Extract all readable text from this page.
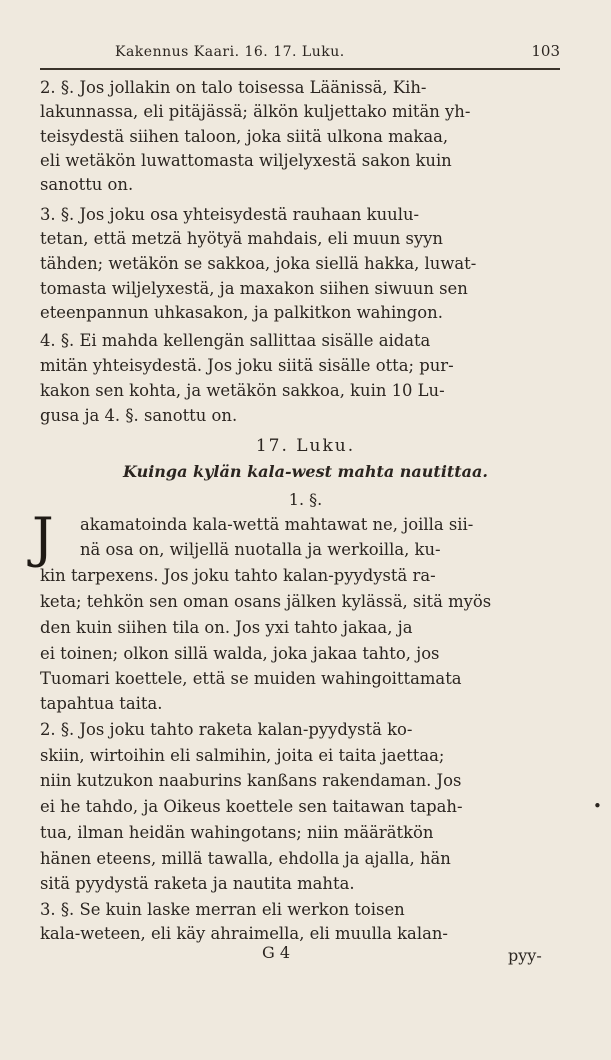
Kakennus Kaari. 16. 17. Luku.	103
2. §. Jos jollakin on talo toisessa Läänissä, Kih-
lakunnassa, eli pitäjässä; älkön kuljettako mitän yh-
teisydestä siihen taloon, joka siitä ulkona makaa,
eli wetäkön luwattomasta wiljelyxestä sakon kuin
sanottu on.
3. §. Jos joku osa yhteisydestä rauhaan kuulu-
tetan, että metzä hyötyä mahdais, eli muun syyn
tähden; wetäkön se sakkoa, joka siellä hakka, luwat-
tomasta wiljelyxestä, ja maxakon siihen siwuun sen
eteenpannun uhkasakon, ja palkitkon wahingon.
4. §. Ei mahda kellengän sallittaa sisälle aidata
mitän yhteisydestä. Jos joku siitä sisälle otta; pur-
kakon sen kohta, ja wetäkön sakkoa, kuin 10 Lu-
gusa ja 4. §. sanottu on.
17. Luku.
Kuinga kylän kala-west mahta nautittaa.
1. §.
J akamatoinda kala-wettä mahtawat ne, joilla sii-
nä osa on, wiljellä nuotalla ja werkoilla, ku-
kin tarpexens. Jos joku tahto kalan-pyydystä ra-
keta; tehkön sen oman osans jälken kylässä, sitä myös
den kuin siihen tila on. Jos yxi tahto jakaa, ja
ei toinen; olkon sillä walda, joka jakaa tahto, jos
Tuomari koettele, että se muiden wahingoittamata
tapahtua taita.
2. §. Jos joku tahto raketa kalan-pyydystä ko-
skiin, wirtoihin eli salmihin, joita ei taita jaettaa;
niin kutzukon naaburins kanßans rakendaman. Jos
ei he tahdo, ja Oikeus koettele sen taitawan tapah-
tua, ilman heidän wahingotans; niin määrätkön
hänen eteens, millä tawalla, ehdolla ja ajalla, hän
sitä pyydystä raketa ja nautita mahta.
3. §. Se kuin laske merran eli werkon toisen
kala-weteen, eli käy ahraimella, eli muulla kalan-
•
G 4	pyy-
